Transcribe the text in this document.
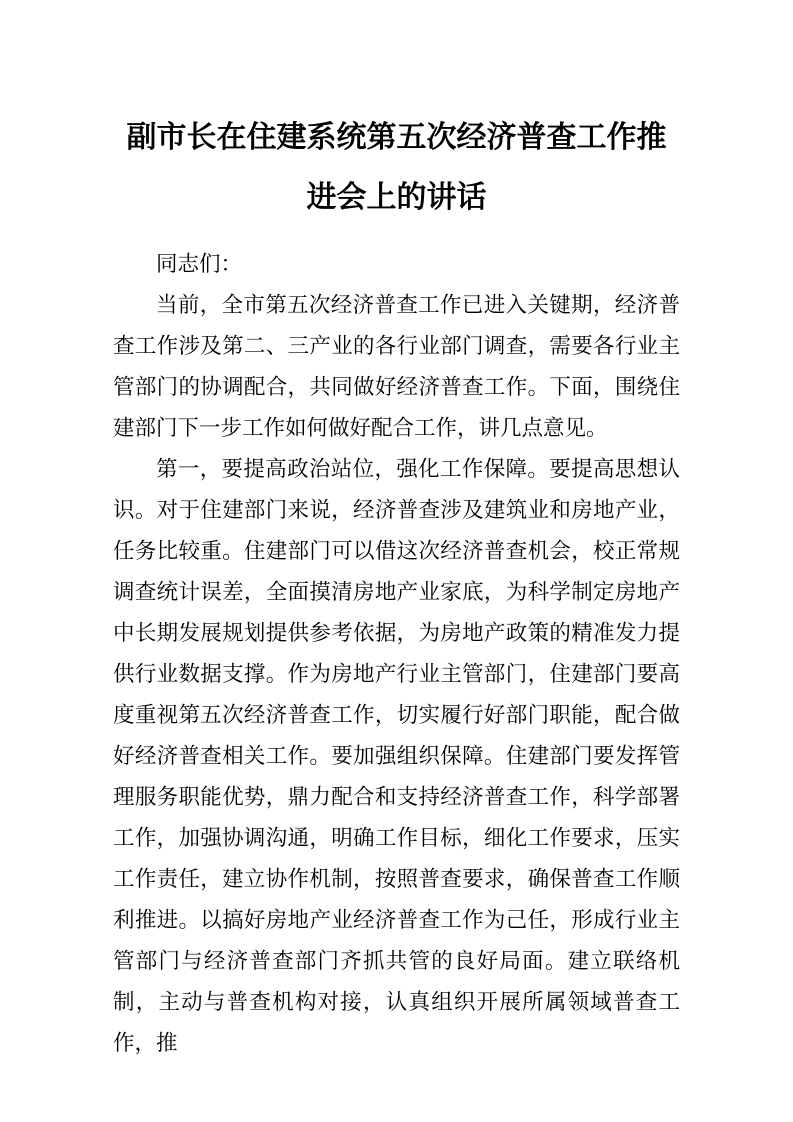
副市长在住建系统第五次经济普查工作推进会上的讲话

同志们：

当前，全市第五次经济普查工作已进入关键期，经济普查工作涉及第二、三产业的各行业部门调查，需要各行业主管部门的协调配合，共同做好经济普查工作。下面，围绕住建部门下一步工作如何做好配合工作，讲几点意见。

第一，要提高政治站位，强化工作保障。要提高思想认识。对于住建部门来说，经济普查涉及建筑业和房地产业，任务比较重。住建部门可以借这次经济普查机会，校正常规调查统计误差，全面摸清房地产业家底，为科学制定房地产中长期发展规划提供参考依据，为房地产政策的精准发力提供行业数据支撑。作为房地产行业主管部门，住建部门要高度重视第五次经济普查工作，切实履行好部门职能，配合做好经济普查相关工作。要加强组织保障。住建部门要发挥管理服务职能优势，鼎力配合和支持经济普查工作，科学部署工作，加强协调沟通，明确工作目标，细化工作要求，压实工作责任，建立协作机制，按照普查要求，确保普查工作顺利推进。以搞好房地产业经济普查工作为己任，形成行业主管部门与经济普查部门齐抓共管的良好局面。建立联络机制，主动与普查机构对接，认真组织开展所属领域普查工作，推
